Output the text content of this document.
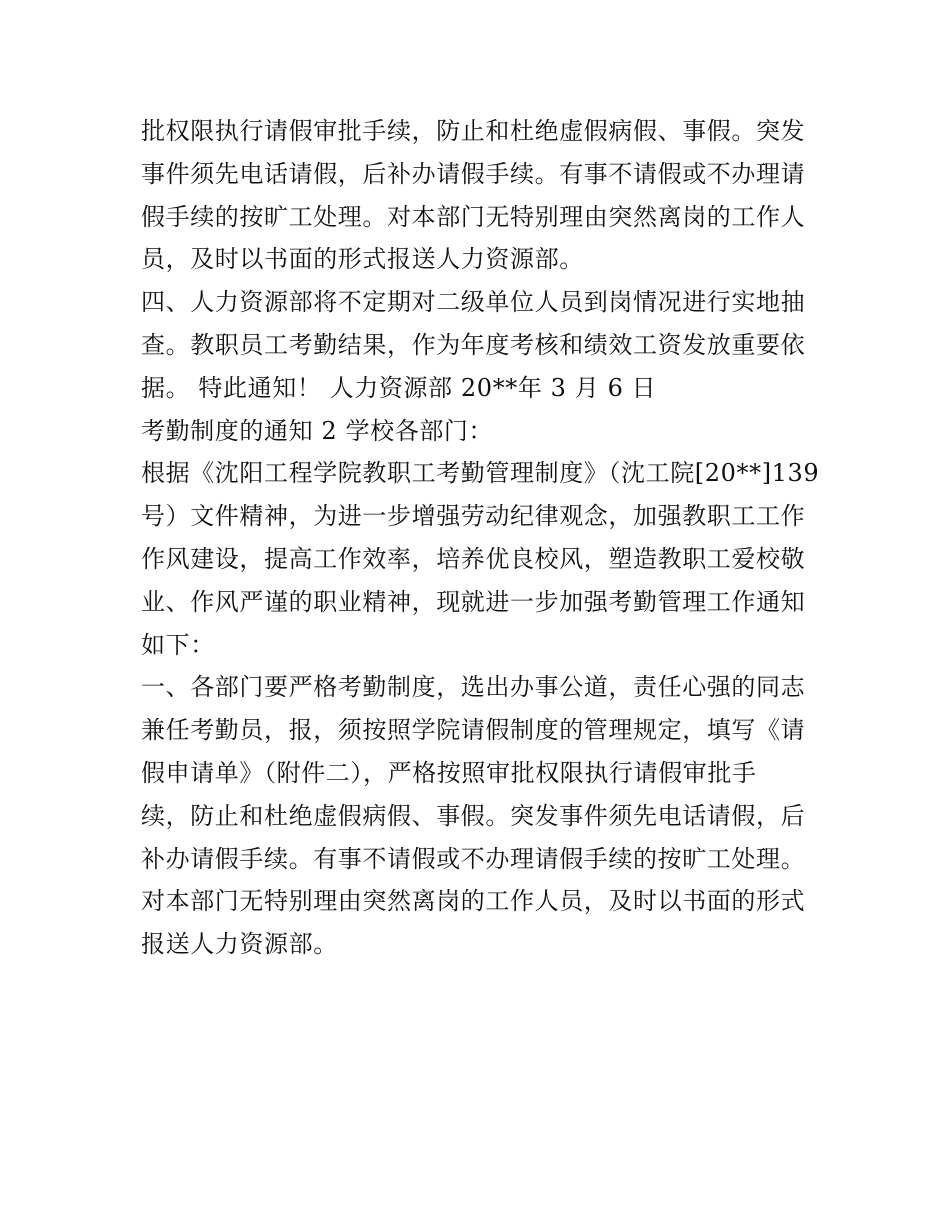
批权限执行请假审批手续，防止和杜绝虚假病假、事假。突发
事件须先电话请假，后补办请假手续。有事不请假或不办理请
假手续的按旷工处理。对本部门无特别理由突然离岗的工作人
员，及时以书面的形式报送人力资源部。
四、人力资源部将不定期对二级单位人员到岗情况进行实地抽
查。教职员工考勤结果，作为年度考核和绩效工资发放重要依
据。 特此通知！ 人力资源部 20**年 3 月 6 日
考勤制度的通知 2 学校各部门：
根据《沈阳工程学院教职工考勤管理制度》（沈工院[20**]139
号）文件精神，为进一步增强劳动纪律观念，加强教职工工作
作风建设，提高工作效率，培养优良校风，塑造教职工爱校敬
业、作风严谨的职业精神，现就进一步加强考勤管理工作通知
如下：
一、各部门要严格考勤制度，选出办事公道，责任心强的同志
兼任考勤员，报，须按照学院请假制度的管理规定，填写《请
假申请单》（附件二），严格按照审批权限执行请假审批手
续，防止和杜绝虚假病假、事假。突发事件须先电话请假，后
补办请假手续。有事不请假或不办理请假手续的按旷工处理。
对本部门无特别理由突然离岗的工作人员，及时以书面的形式
报送人力资源部。
